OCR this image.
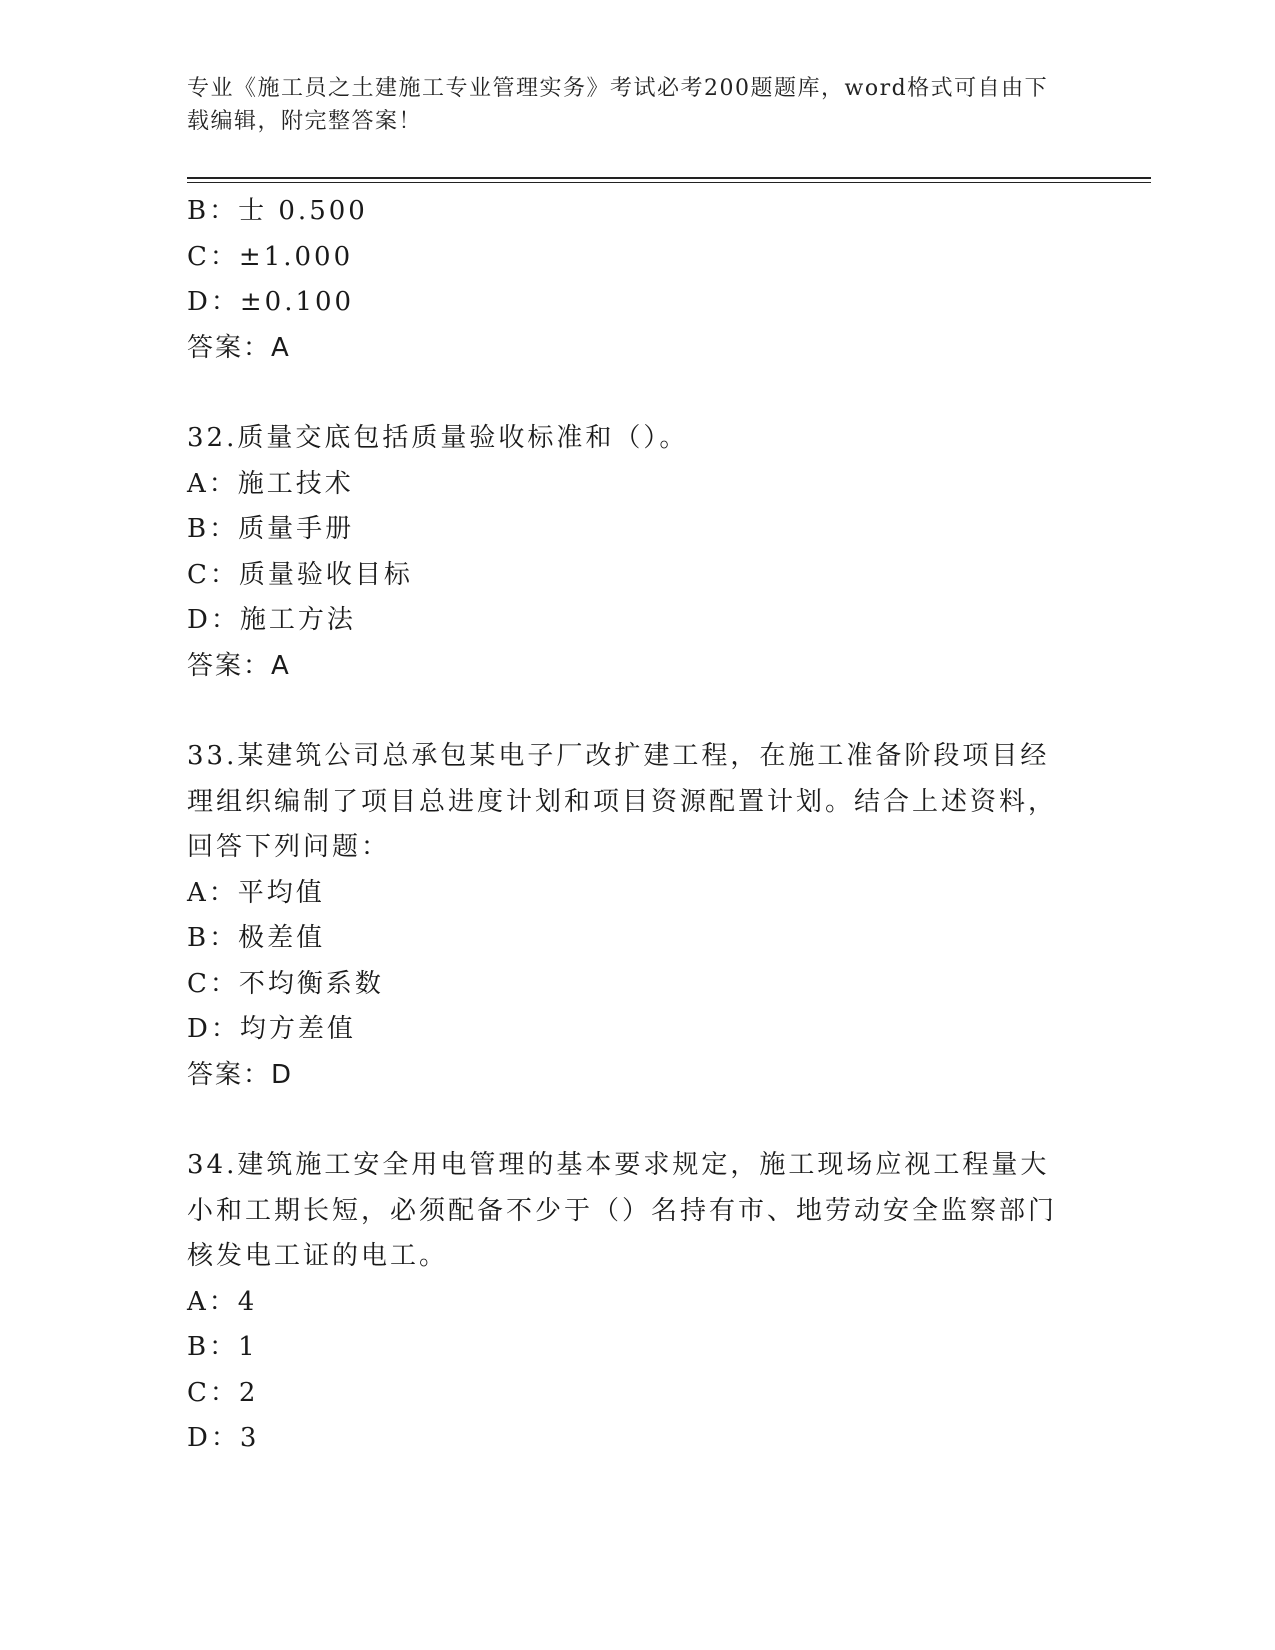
专业《施工员之土建施工专业管理实务》考试必考200题题库，word格式可自由下载编辑，附完整答案！
B：士 0.500
C：±1.000
D：±0.100
答案：A
32.质量交底包括质量验收标准和（）。
A：施工技术
B：质量手册
C：质量验收目标
D：施工方法
答案：A
33.某建筑公司总承包某电子厂改扩建工程，在施工准备阶段项目经理组织编制了项目总进度计划和项目资源配置计划。结合上述资料，回答下列问题：
A：平均值
B：极差值
C：不均衡系数
D：均方差值
答案：D
34.建筑施工安全用电管理的基本要求规定，施工现场应视工程量大小和工期长短，必须配备不少于（）名持有市、地劳动安全监察部门核发电工证的电工。
A：4
B：1
C：2
D：3
